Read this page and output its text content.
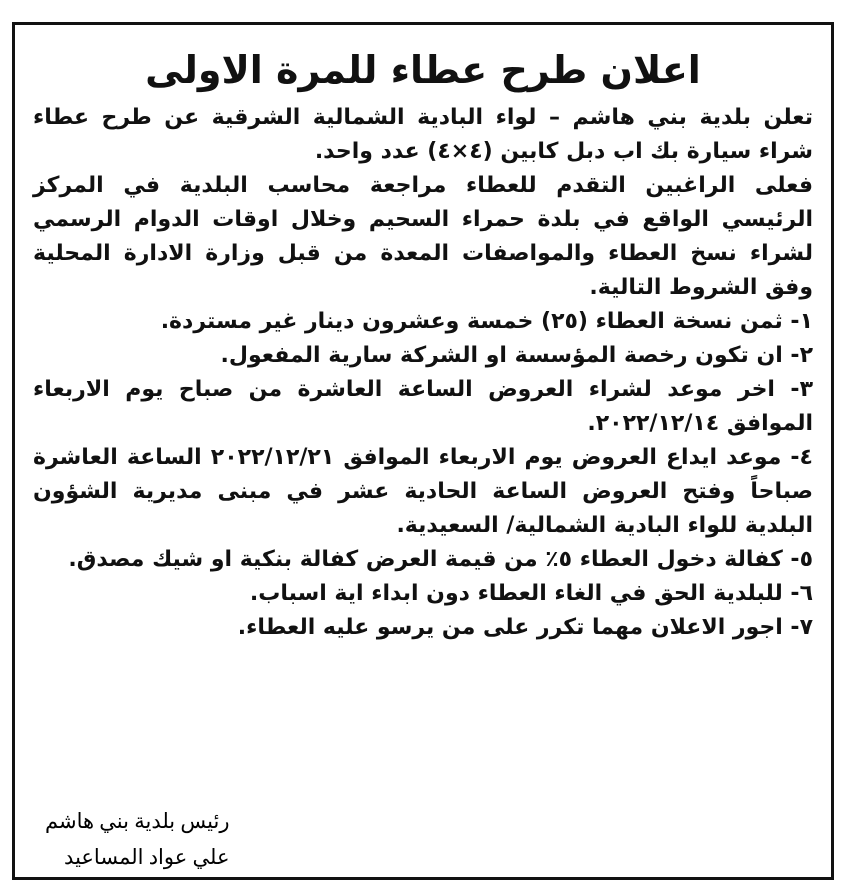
اعلان طرح عطاء للمرة الاولى

تعلن بلدية بني هاشم – لواء البادية الشمالية الشرقية عن طرح عطاء شراء سيارة بك اب دبل كابين (٤×٤) عدد واحد.

فعلى الراغبين التقدم للعطاء مراجعة محاسب البلدية في المركز الرئيسي الواقع في بلدة حمراء السحيم وخلال اوقات الدوام الرسمي لشراء نسخ العطاء والمواصفات المعدة من قبل وزارة الادارة المحلية وفق الشروط التالية.

١- ثمن نسخة العطاء (٢٥) خمسة وعشرون دينار غير مستردة.

٢- ان تكون رخصة المؤسسة او الشركة سارية المفعول.

٣- اخر موعد لشراء العروض الساعة العاشرة من صباح يوم الاربعاء الموافق ٢٠٢٢/١٢/١٤.

٤- موعد ايداع العروض يوم الاربعاء الموافق ٢٠٢٢/١٢/٢١ الساعة العاشرة صباحاً وفتح العروض الساعة الحادية عشر في مبنى مديرية الشؤون البلدية للواء البادية الشمالية/ السعيدية.

٥- كفالة دخول العطاء ٥٪ من قيمة العرض كفالة بنكية او شيك مصدق.

٦- للبلدية الحق في الغاء العطاء دون ابداء اية اسباب.

٧- اجور الاعلان مهما تكرر على من يرسو عليه العطاء.

رئيس بلدية بني هاشم
علي عواد المساعيد
